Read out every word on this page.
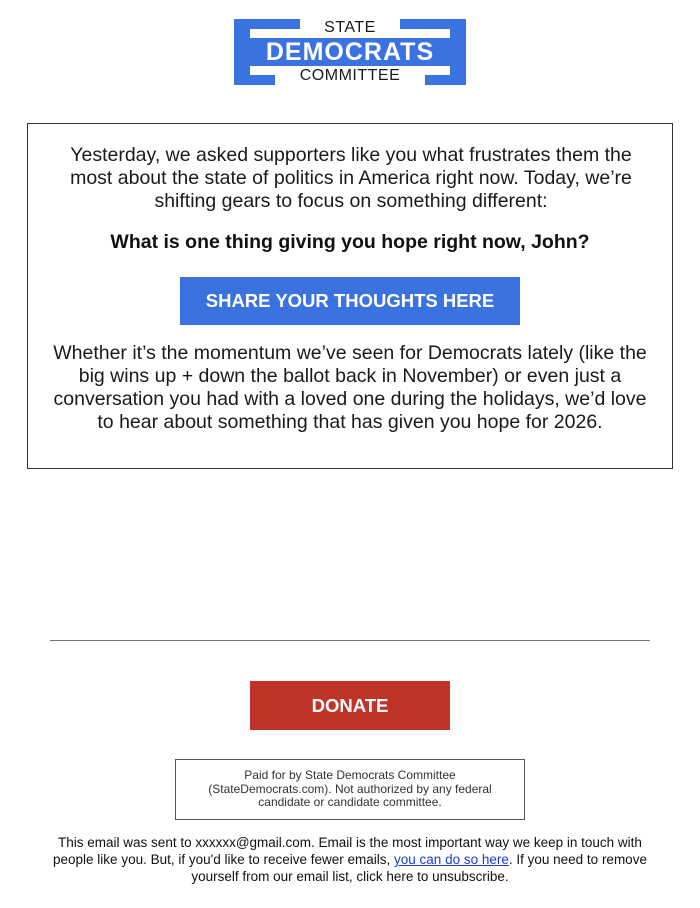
STATE
DEMOCRATS
COMMITTEE

Yesterday, we asked supporters like you what frustrates them the most about the state of politics in America right now. Today, we’re shifting gears to focus on something different:

What is one thing giving you hope right now, John?

SHARE YOUR THOUGHTS HERE

Whether it’s the momentum we’ve seen for Democrats lately (like the big wins up + down the ballot back in November) or even just a conversation you had with a loved one during the holidays, we’d love to hear about something that has given you hope for 2026.

DONATE
Paid for by State Democrats Committee
(StateDemocrats.com). Not authorized by any federal
candidate or candidate committee.

This email was sent to xxxxxx@gmail.com. Email is the most important way we keep in touch with people like you. But, if you'd like to receive fewer emails, you can do so here. If you need to remove yourself from our email list, click here to unsubscribe.
